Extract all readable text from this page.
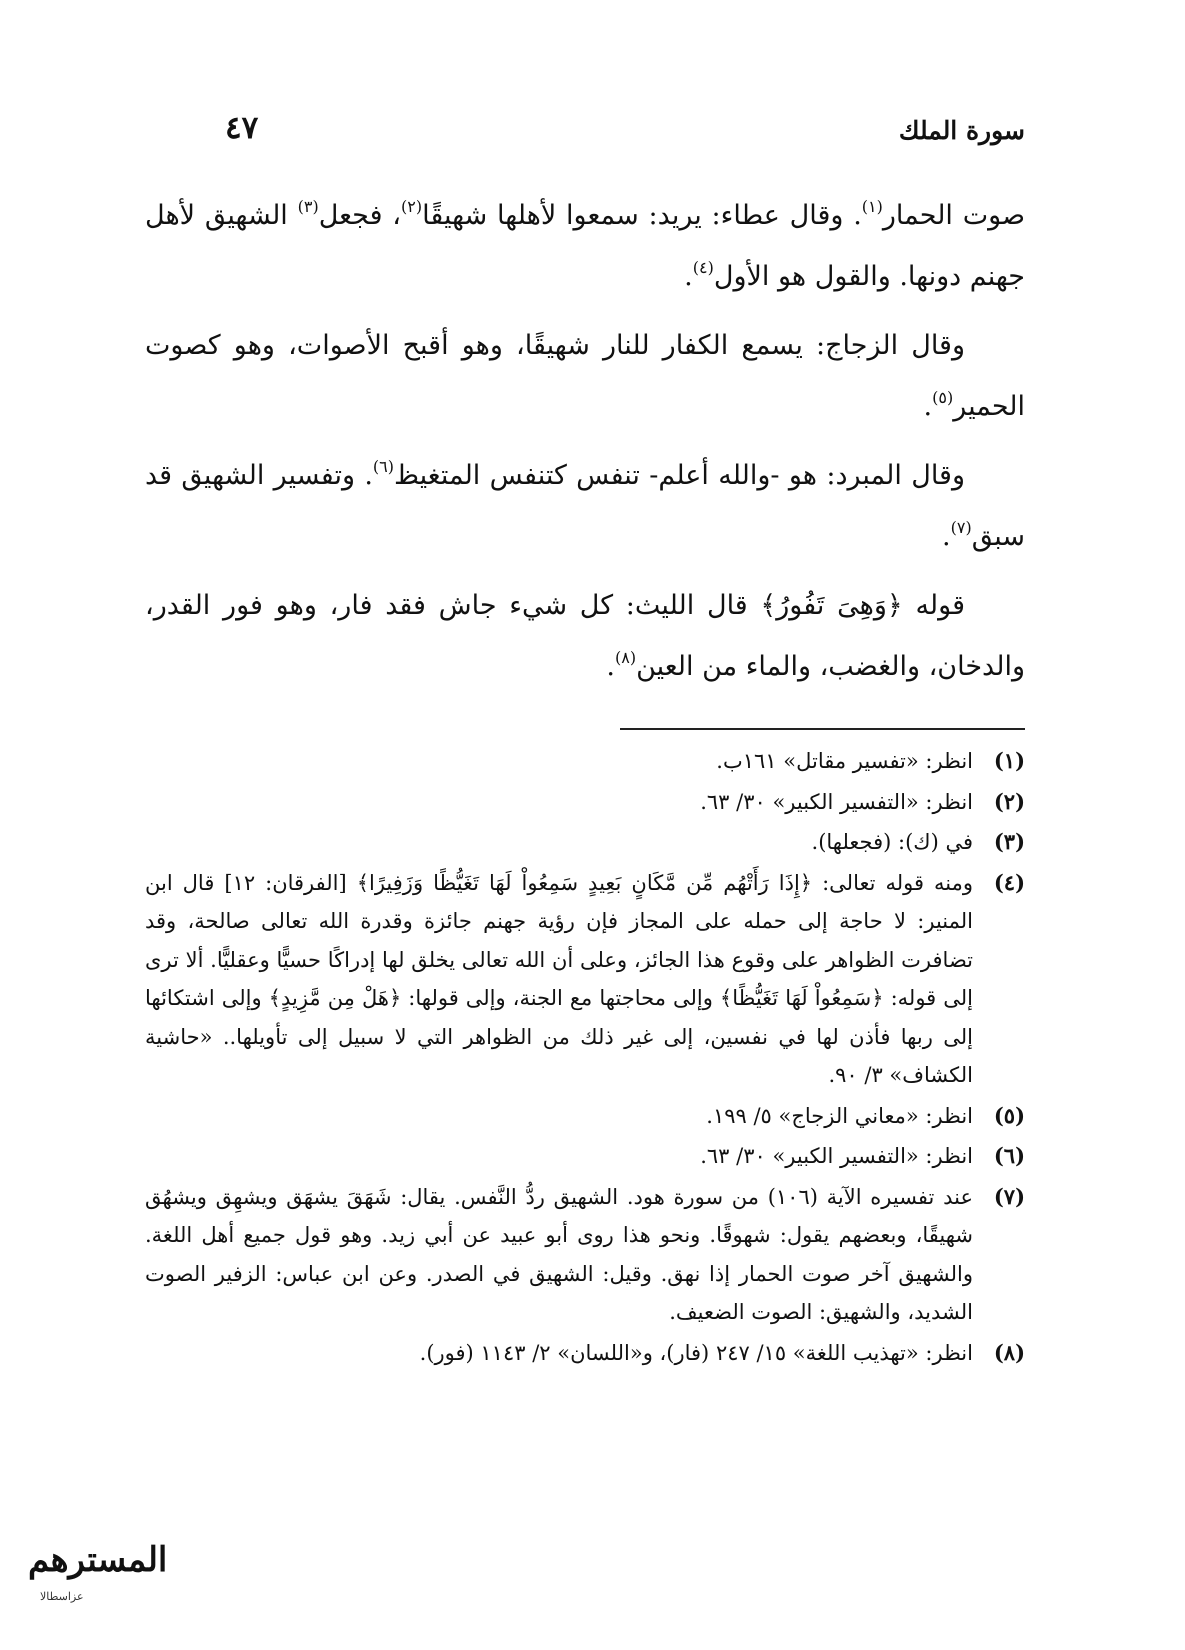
سورة الملك
٤٧

صوت الحمار$^{(١)}$. وقال عطاء: يريد: سمعوا لأهلها شهيقًا$^{(٢)}$، فجعل$^{(٣)}$ الشهيق لأهل جهنم دونها. والقول هو الأول$^{(٤)}$.

وقال الزجاج: يسمع الكفار للنار شهيقًا، وهو أقبح الأصوات، وهو كصوت الحمير$^{(٥)}$.

وقال المبرد: هو -والله أعلم- تنفس كتنفس المتغيظ$^{(٦)}$. وتفسير الشهيق قد سبق$^{(٧)}$.

قوله ﴿وَهِىَ تَفُورُ﴾ قال الليث: كل شيء جاش فقد فار، وهو فور القدر، والدخان، والغضب، والماء من العين$^{(٨)}$.

(١)
انظر: «تفسير مقاتل» ١٦١ب.
(٢)
انظر: «التفسير الكبير» ٣٠/ ٦٣.
(٣)
في (ك): (فجعلها).
(٤)
ومنه قوله تعالى: ﴿إِذَا رَأَتْهُم مِّن مَّكَانٍ بَعِيدٍ سَمِعُواْ لَهَا تَغَيُّظًا وَزَفِيرًا﴾ [الفرقان: ١٢] قال ابن المنير: لا حاجة إلى حمله على المجاز فإن رؤية جهنم جائزة وقدرة الله تعالى صالحة، وقد تضافرت الظواهر على وقوع هذا الجائز، وعلى أن الله تعالى يخلق لها إدراكًا حسيًّا وعقليًّا. ألا ترى إلى قوله: ﴿سَمِعُواْ لَهَا تَغَيُّظًا﴾ وإلى محاجتها مع الجنة، وإلى قولها: ﴿هَلْ مِن مَّزِيدٍ﴾ وإلى اشتكائها إلى ربها فأذن لها في نفسين، إلى غير ذلك من الظواهر التي لا سبيل إلى تأويلها.. «حاشية الكشاف» ٣/ ٩٠.
(٥)
انظر: «معاني الزجاج» ٥/ ١٩٩.
(٦)
انظر: «التفسير الكبير» ٣٠/ ٦٣.
(٧)
عند تفسيره الآية (١٠٦) من سورة هود. الشهيق ردُّ النَّفس. يقال: شَهَقَ يشهَق ويشهِق ويشهُق شهيقًا، وبعضهم يقول: شهوقًا. ونحو هذا روى أبو عبيد عن أبي زيد. وهو قول جميع أهل اللغة. والشهيق آخر صوت الحمار إذا نهق. وقيل: الشهيق في الصدر. وعن ابن عباس: الزفير الصوت الشديد، والشهيق: الصوت الضعيف.
(٨)
انظر: «تهذيب اللغة» ١٥/ ٢٤٧ (فار)، و«اللسان» ٢/ ١١٤٣ (فور).
المسترهم
عزاسطالا
